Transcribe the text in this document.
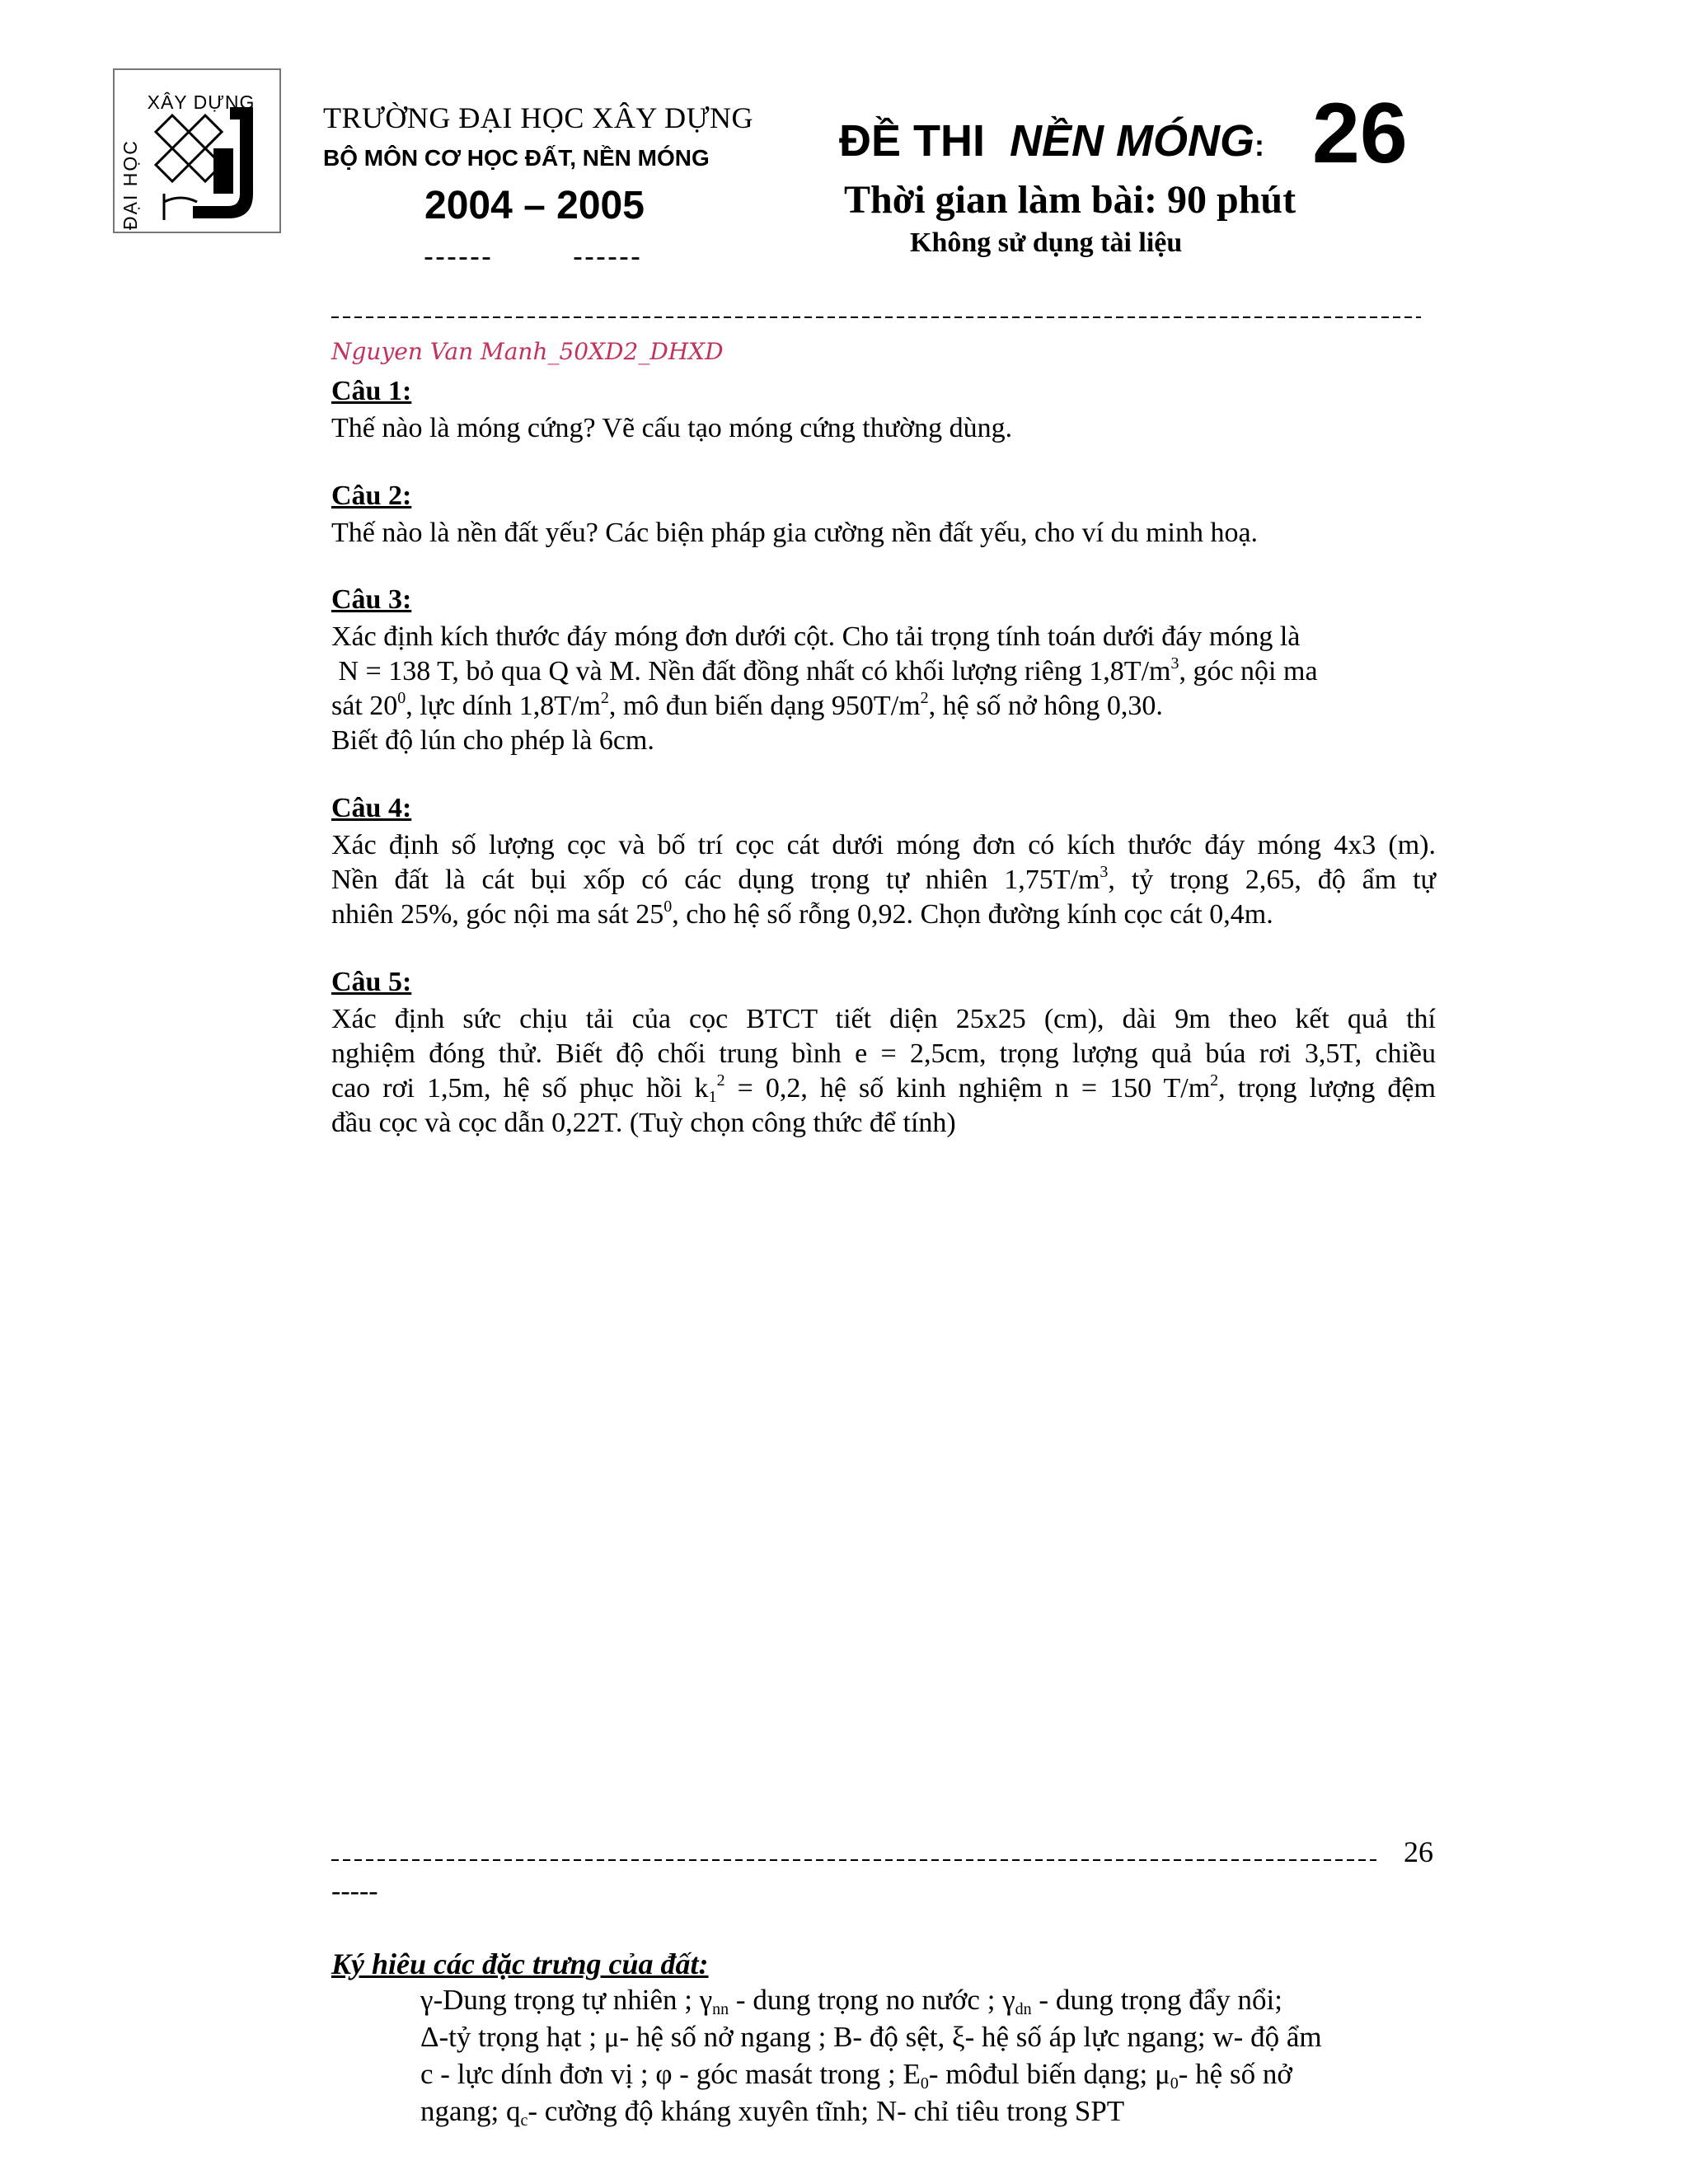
XÂY DỰNG
ĐẠI HỌC
TRƯỜNG ĐẠI HỌC XÂY DỰNG
BỘ MÔN CƠ HỌC ĐẤT, NỀN MÓNG
2004 – 2005
------	------
ĐỀ THI NỀN MÓNG: 26
Thời gian làm bài: 90 phút
Không sử dụng tài liệu
Nguyen Van Manh_50XD2_DHXD
Câu 1:

Thế nào là móng cứng? Vẽ cấu tạo móng cứng thường dùng.

Câu 2:

Thế nào là nền đất yếu? Các biện pháp gia cường nền đất yếu, cho ví du minh hoạ.

Câu 3:

Xác định kích thước đáy móng đơn dưới cột. Cho tải trọng tính toán dưới đáy móng là

N = 138 T, bỏ qua Q và M. Nền đất đồng nhất có khối lượng riêng $1,8T/m^3$, góc nội ma

sát $20^0$, lực dính $1,8T/m^2$, mô đun biến dạng $950T/m^2$, hệ số nở hông 0,30.

Biết độ lún cho phép là 6cm.

Câu 4:

Xác định số lượng cọc và bố trí cọc cát dưới móng đơn có kích thước đáy móng 4x3 (m).

Nền đất là cát bụi xốp có các dụng trọng tự nhiên $1,75T/m^3$, tỷ trọng 2,65, độ ẩm tự

nhiên 25%, góc nội ma sát $25^0$, cho hệ số rỗng 0,92. Chọn đường kính cọc cát 0,4m.

Câu 5:

Xác định sức chịu tải của cọc BTCT tiết diện 25x25 (cm), dài 9m theo kết quả thí

nghiệm đóng thử. Biết độ chối trung bình e = 2,5cm, trọng lượng quả búa rơi 3,5T, chiều

cao rơi 1,5m, hệ số phục hồi $k_1^2 = 0,2$, hệ số kinh nghiệm n = 150 $T/m^2$, trọng lượng đệm

đầu cọc và cọc dẫn 0,22T. (Tuỳ chọn công thức để tính)

26
-----
Ký hiêu các đặc trưng của đất:

γ-Dung trọng tự nhiên ; $\gamma_{nn}$ - dung trọng no nước ; $\gamma_{dn}$ - dung trọng đẩy nổi;

Δ-tỷ trọng hạt ; μ- hệ số nở ngang ; B- độ sệt, ξ- hệ số áp lực ngang; w- độ ẩm

c - lực dính đơn vị ; φ - góc masát trong ; $E_0-$ môđul biến dạng; $\mu_0-$ hệ số nở

ngang; $q_c-$ cường độ kháng xuyên tĩnh; N- chỉ tiêu trong SPT
